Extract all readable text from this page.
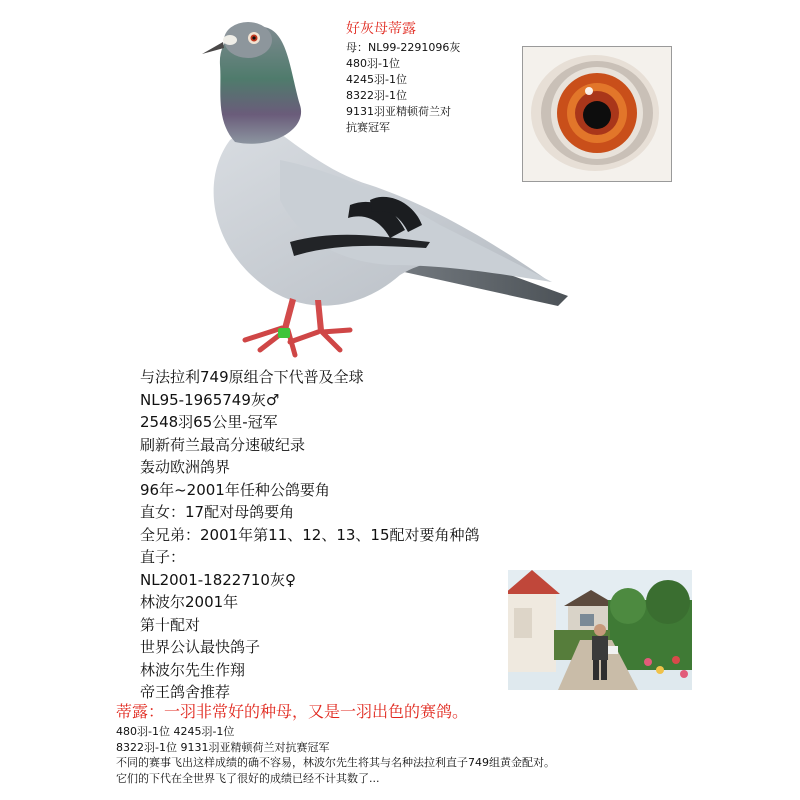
好灰母蒂露
母：NL99-2291096灰
480羽-1位
4245羽-1位
8322羽-1位
9131羽亚精顿荷兰对
抗赛冠军
与法拉利749原组合下代普及全球
NL95-1965749灰♂
2548羽65公里-冠军
刷新荷兰最高分速破纪录
轰动欧洲鸽界
96年~2001年任种公鸽要角
直女：17配对母鸽要角
全兄弟：2001年第11、12、13、15配对要角种鸽
直子：
NL2001-1822710灰♀
林波尔2001年
第十配对
世界公认最快鸽子
林波尔先生作翔
帝王鸽舍推荐
蒂露：一羽非常好的种母，又是一羽出色的赛鸽。
480羽-1位 4245羽-1位
8322羽-1位 9131羽亚精顿荷兰对抗赛冠军
不同的赛事飞出这样成绩的确不容易，林波尔先生将其与名种法拉利直子749组黄金配对。
它们的下代在全世界飞了很好的成绩已经不计其数了...
